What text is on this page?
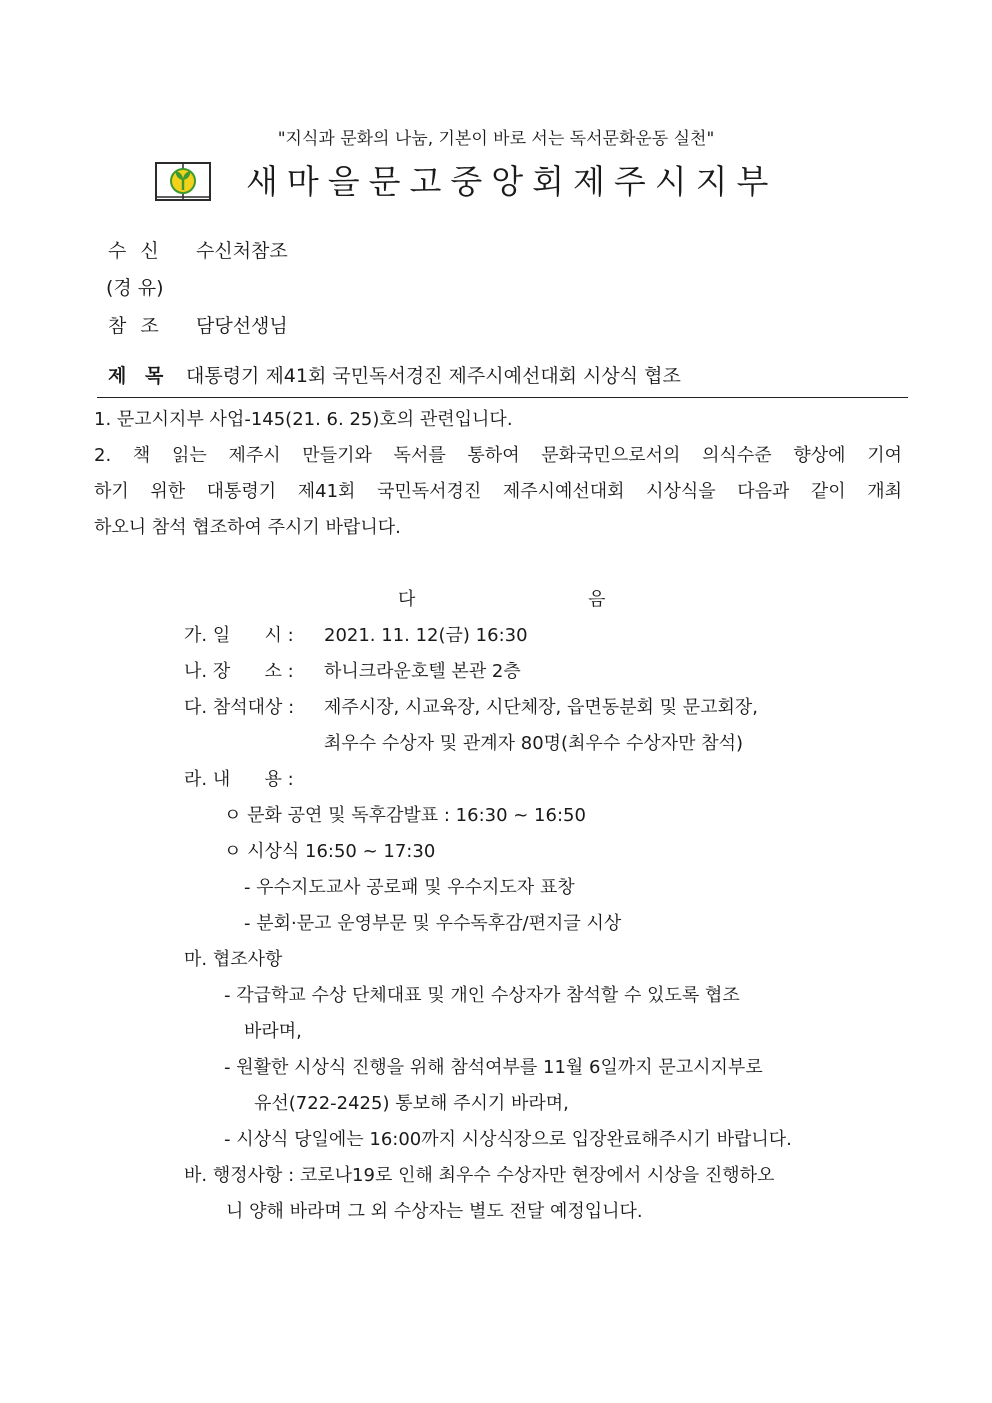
"지식과 문화의 나눔, 기본이 바로 서는 독서문화운동 실천"
새마을문고중앙회제주시지부
수 신 수신처참조
(경 유)
참 조 담당선생님
제 목 대통령기 제41회 국민독서경진 제주시예선대회 시상식 협조
1. 문고시지부 사업-145(21. 6. 25)호의 관련입니다.
2. 책 읽는 제주시 만들기와 독서를 통하여 문화국민으로서의 의식수준 향상에 기여
하기 위한 대통령기 제41회 국민독서경진 제주시예선대회 시상식을 다음과 같이 개최
하오니 참석 협조하여 주시기 바랍니다.
다	음
가. 일      시 : 2021. 11. 12(금) 16:30
나. 장      소 : 하니크라운호텔 본관 2층
다. 참석대상 : 제주시장, 시교육장, 시단체장, 읍면동분회 및 문고회장,
최우수 수상자 및 관계자 80명(최우수 수상자만 참석)
라. 내      용 :
ㅇ 문화 공연 및 독후감발표 : 16:30 ~ 16:50
ㅇ 시상식 16:50 ~ 17:30
- 우수지도교사 공로패 및 우수지도자 표창
- 분회·문고 운영부문 및 우수독후감/편지글 시상
마. 협조사항
- 각급학교 수상 단체대표 및 개인 수상자가 참석할 수 있도록 협조
바라며,
- 원활한 시상식 진행을 위해 참석여부를 11월 6일까지 문고시지부로
유선(722-2425) 통보해 주시기 바라며,
- 시상식 당일에는 16:00까지 시상식장으로 입장완료해주시기 바랍니다.
바. 행정사항 : 코로나19로 인해 최우수 수상자만 현장에서 시상을 진행하오
니 양해 바라며 그 외 수상자는 별도 전달 예정입니다.
